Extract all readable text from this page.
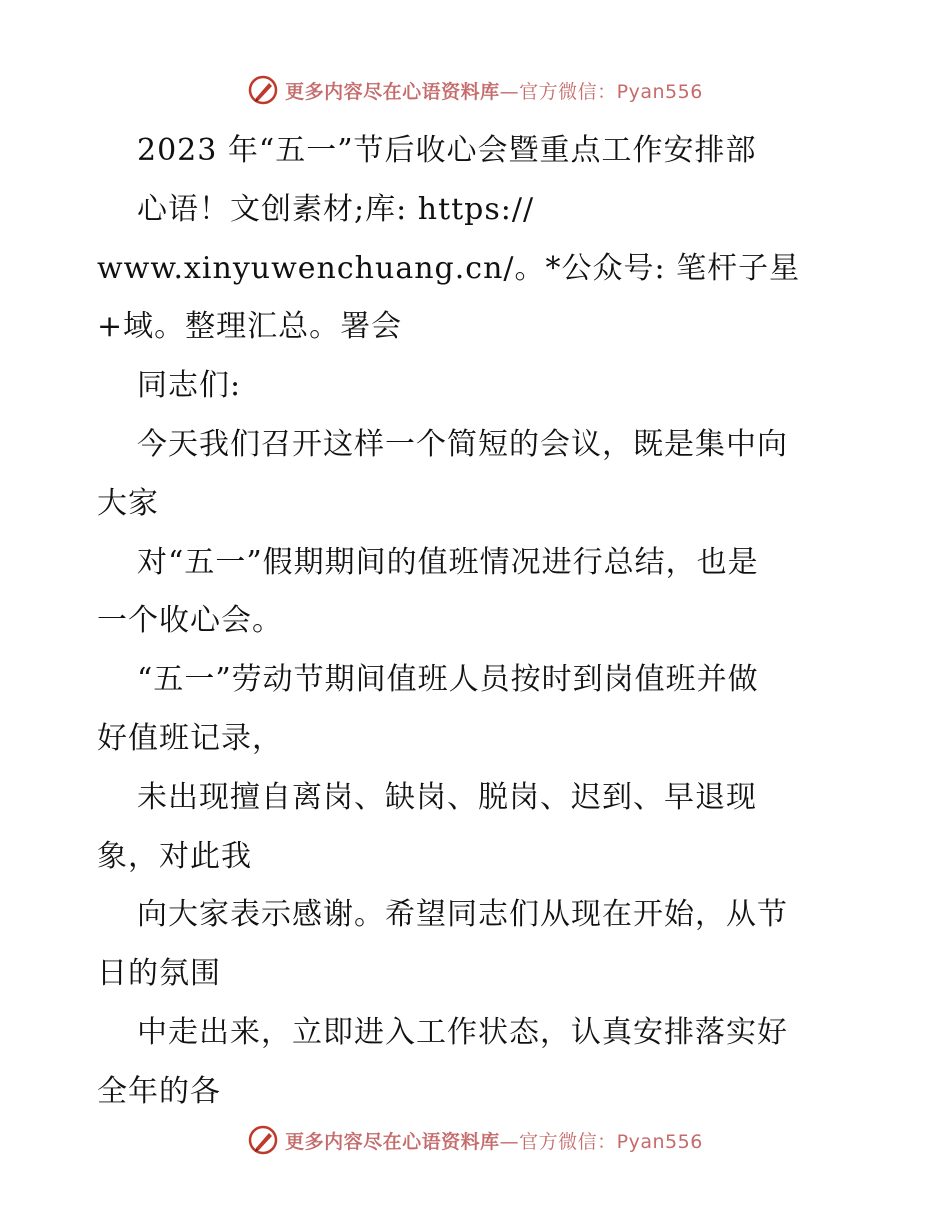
更多内容尽在心语资料库—官方微信：Pyan556
2023 年“五一”节后收心会暨重点工作安排部
心语！文创素材;库: https://
www.xinyuwenchuang.cn/。*公众号: 笔杆子星
+域。整理汇总。署会
同志们:
今天我们召开这样一个简短的会议，既是集中向
大家
对“五一”假期期间的值班情况进行总结，也是
一个收心会。
“五一”劳动节期间值班人员按时到岗值班并做
好值班记录，
未出现擅自离岗、缺岗、脱岗、迟到、早退现
象，对此我
向大家表示感谢。希望同志们从现在开始，从节
日的氛围
中走出来，立即进入工作状态，认真安排落实好
全年的各
更多内容尽在心语资料库—官方微信：Pyan556
